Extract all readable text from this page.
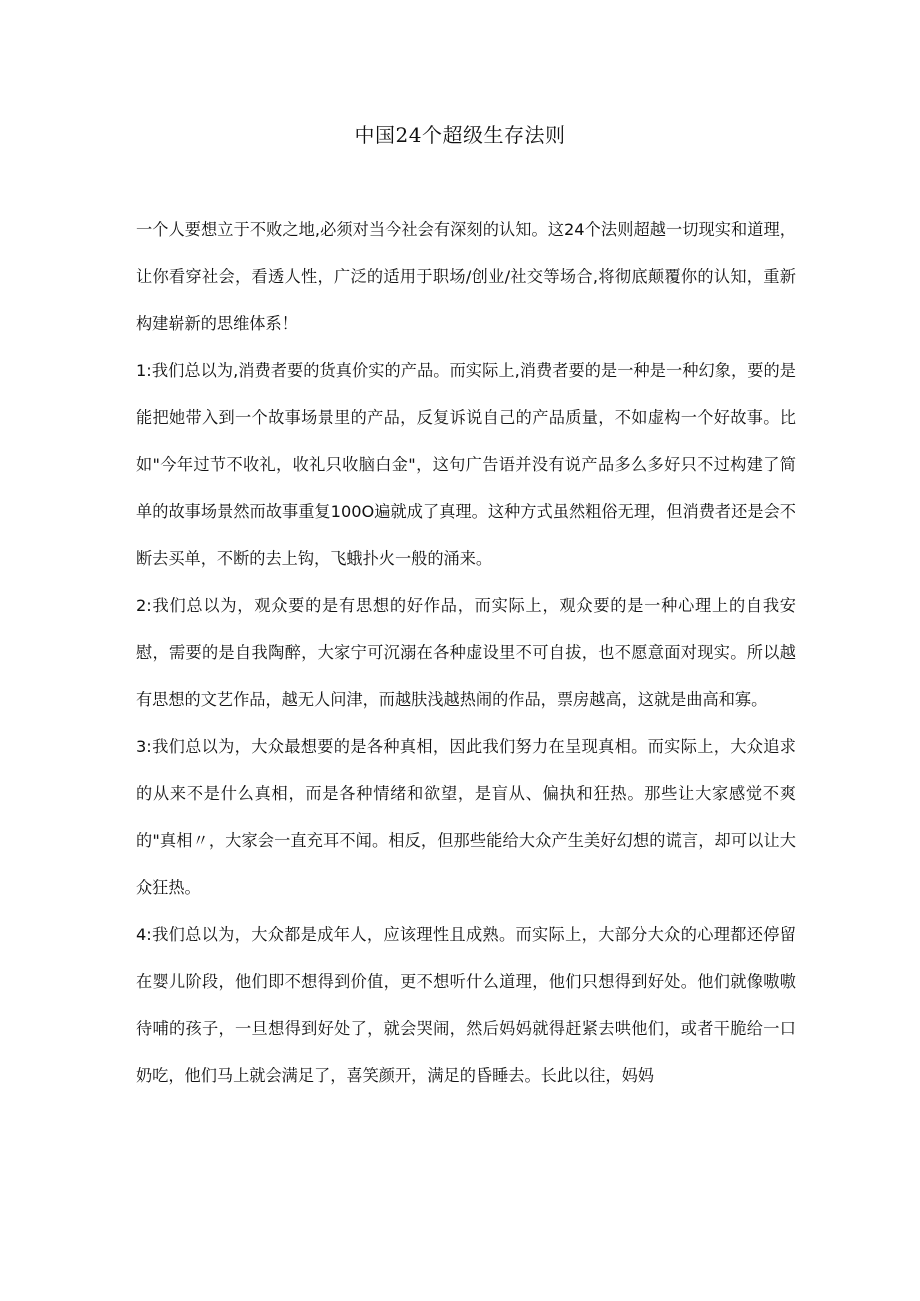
中国24个超级生存法则

一个人要想立于不败之地,必须对当今社会有深刻的认知。这24个法则超越一切现实和道理，让你看穿社会，看透人性，广泛的适用于职场/创业/社交等场合,将彻底颠覆你的认知，重新构建崭新的思维体系！

1:我们总以为,消费者要的货真价实的产品。而实际上,消费者要的是一种是一种幻象，要的是能把她带入到一个故事场景里的产品，反复诉说自己的产品质量，不如虚构一个好故事。比如"今年过节不收礼，收礼只收脑白金"，这句广告语并没有说产品多么多好只不过构建了简单的故事场景然而故事重复100O遍就成了真理。这种方式虽然粗俗无理，但消费者还是会不断去买单，不断的去上钩，飞蛾扑火一般的涌来。

2:我们总以为，观众要的是有思想的好作品，而实际上，观众要的是一种心理上的自我安慰，需要的是自我陶醉，大家宁可沉溺在各种虚设里不可自拔，也不愿意面对现实。所以越有思想的文艺作品，越无人问津，而越肤浅越热闹的作品，票房越高，这就是曲高和寡。

3:我们总以为，大众最想要的是各种真相，因此我们努力在呈现真相。而实际上，大众追求的从来不是什么真相，而是各种情绪和欲望，是盲从、偏执和狂热。那些让大家感觉不爽的"真相〃，大家会一直充耳不闻。相反，但那些能给大众产生美好幻想的谎言，却可以让大众狂热。

4:我们总以为，大众都是成年人，应该理性且成熟。而实际上，大部分大众的心理都还停留在婴儿阶段，他们即不想得到价值，更不想听什么道理，他们只想得到好处。他们就像嗷嗷待哺的孩子，一旦想得到好处了，就会哭闹，然后妈妈就得赶紧去哄他们，或者干脆给一口奶吃，他们马上就会满足了，喜笑颜开，满足的昏睡去。长此以往，妈妈
